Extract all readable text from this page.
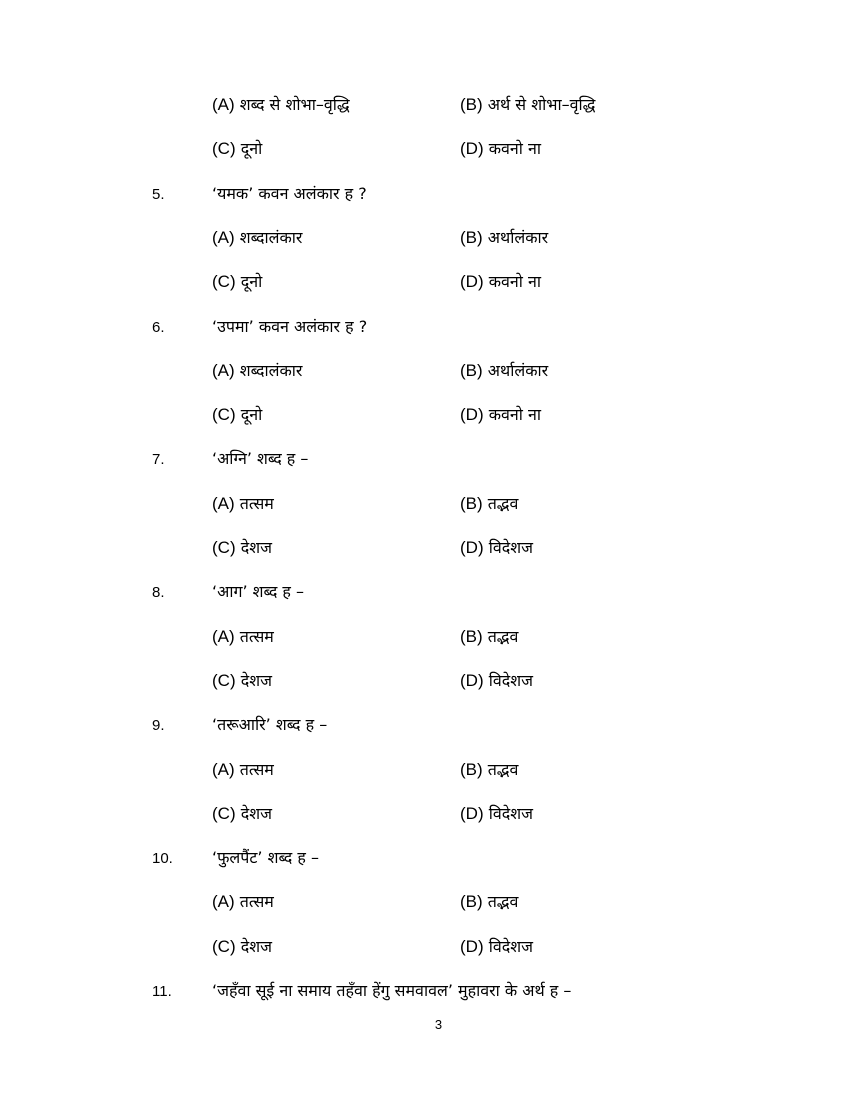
(A) शब्द से शोभा–वृद्धि	(B) अर्थ से शोभा–वृद्धि
(C) दूनो	(D) कवनो ना
5.	‘यमक’ कवन अलंकार ह ?
(A) शब्दालंकार	(B) अर्थालंकार
(C) दूनो	(D) कवनो ना
6.	‘उपमा’ कवन अलंकार ह ?
(A) शब्दालंकार	(B) अर्थालंकार
(C) दूनो	(D) कवनो ना
7.	‘अग्नि’ शब्द ह –
(A) तत्सम	(B) तद्भव
(C) देशज	(D) विदेशज
8.	‘आग’ शब्द ह –
(A) तत्सम	(B) तद्भव
(C) देशज	(D) विदेशज
9.	‘तरूआरि’ शब्द ह –
(A) तत्सम	(B) तद्भव
(C) देशज	(D) विदेशज
10. ‘फुलपैंट’ शब्द ह –
(A) तत्सम	(B) तद्भव
(C) देशज	(D) विदेशज
11.	‘जहँवा सूई ना समाय तहँवा हेंगु समवावल’ मुहावरा के अर्थ ह –
3
